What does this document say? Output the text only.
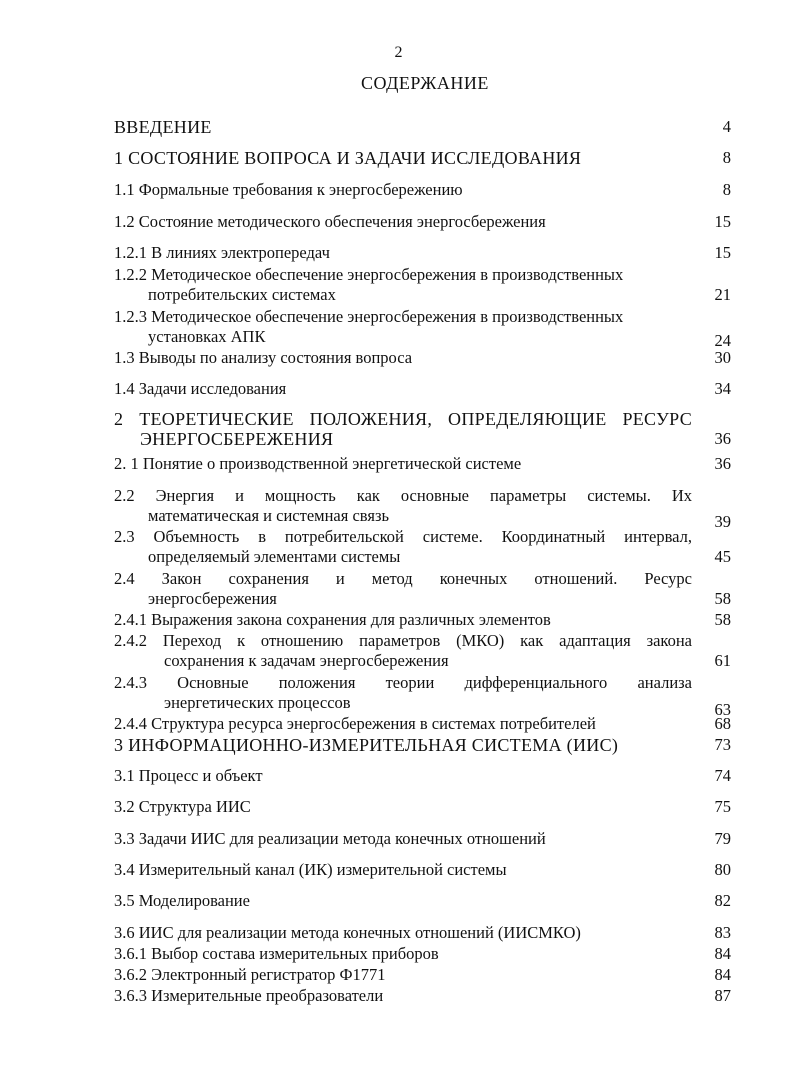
2
СОДЕРЖАНИЕ
ВВЕДЕНИЕ	4
1 СОСТОЯНИЕ ВОПРОСА И ЗАДАЧИ ИССЛЕДОВАНИЯ	8
1.1 Формальные требования к энергосбережению	8
1.2 Состояние методического обеспечения энергосбережения	15
1.2.1 В линиях электропередач	15
1.2.2 Методическое обеспечение энергосбережения в производственных
потребительских системах	21
1.2.3 Методическое обеспечение энергосбережения в производственных
установках АПК	24
1.3 Выводы по анализу состояния вопроса	30
1.4 Задачи исследования	34
2 ТЕОРЕТИЧЕСКИЕ ПОЛОЖЕНИЯ, ОПРЕДЕЛЯЮЩИЕ РЕСУРС
ЭНЕРГОСБЕРЕЖЕНИЯ	36
2. 1 Понятие о производственной энергетической системе	36
2.2 Энергия и мощность как основные параметры системы. Их
математическая и системная связь	39
2.3 Объемность в потребительской системе. Координатный интервал,
определяемый элементами системы	45
2.4 Закон сохранения и метод конечных отношений. Ресурс
энергосбережения	58
2.4.1 Выражения закона сохранения для различных элементов	58
2.4.2 Переход к отношению параметров (МКО) как адаптация закона
сохранения к задачам энергосбережения	61
2.4.3 Основные положения теории дифференциального анализа
энергетических процессов	63
2.4.4 Структура ресурса энергосбережения в системах потребителей	68
3 ИНФОРМАЦИОННО-ИЗМЕРИТЕЛЬНАЯ СИСТЕМА (ИИС)	73
3.1 Процесс и объект	74
3.2 Структура ИИС	75
3.3 Задачи ИИС для реализации метода конечных отношений	79
3.4 Измерительный канал (ИК) измерительной системы	80
3.5 Моделирование	82
3.6 ИИС для реализации метода конечных отношений (ИИСМКО)	83
3.6.1 Выбор состава измерительных приборов	84
3.6.2 Электронный регистратор Ф1771	84
3.6.3 Измерительные преобразователи	87
